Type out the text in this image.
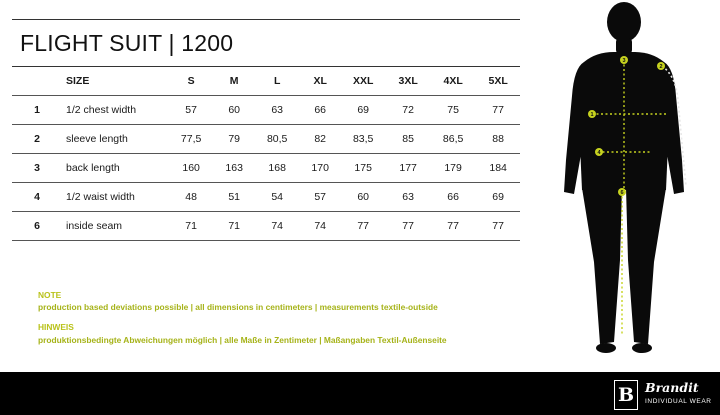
FLIGHT SUIT | 1200
	SIZE	S	M	L	XL	XXL	3XL	4XL	5XL
1	1/2 chest width	57	60	63	66	69	72	75	77
2	sleeve length	77,5	79	80,5	82	83,5	85	86,5	88
3	back length	160	163	168	170	175	177	179	184
4	1/2 waist width	48	51	54	57	60	63	66	69
6	inside seam	71	71	74	74	77	77	77	77
NOTE
production based deviations possible | all dimensions in centimeters | measurements textile-outside
HINWEIS
produktionsbedingte Abweichungen möglich | alle Maße in Zentimeter | Maßangaben Textil-Außenseite
1
2
3
4
6
B Brandit
INDIVIDUAL WEAR
